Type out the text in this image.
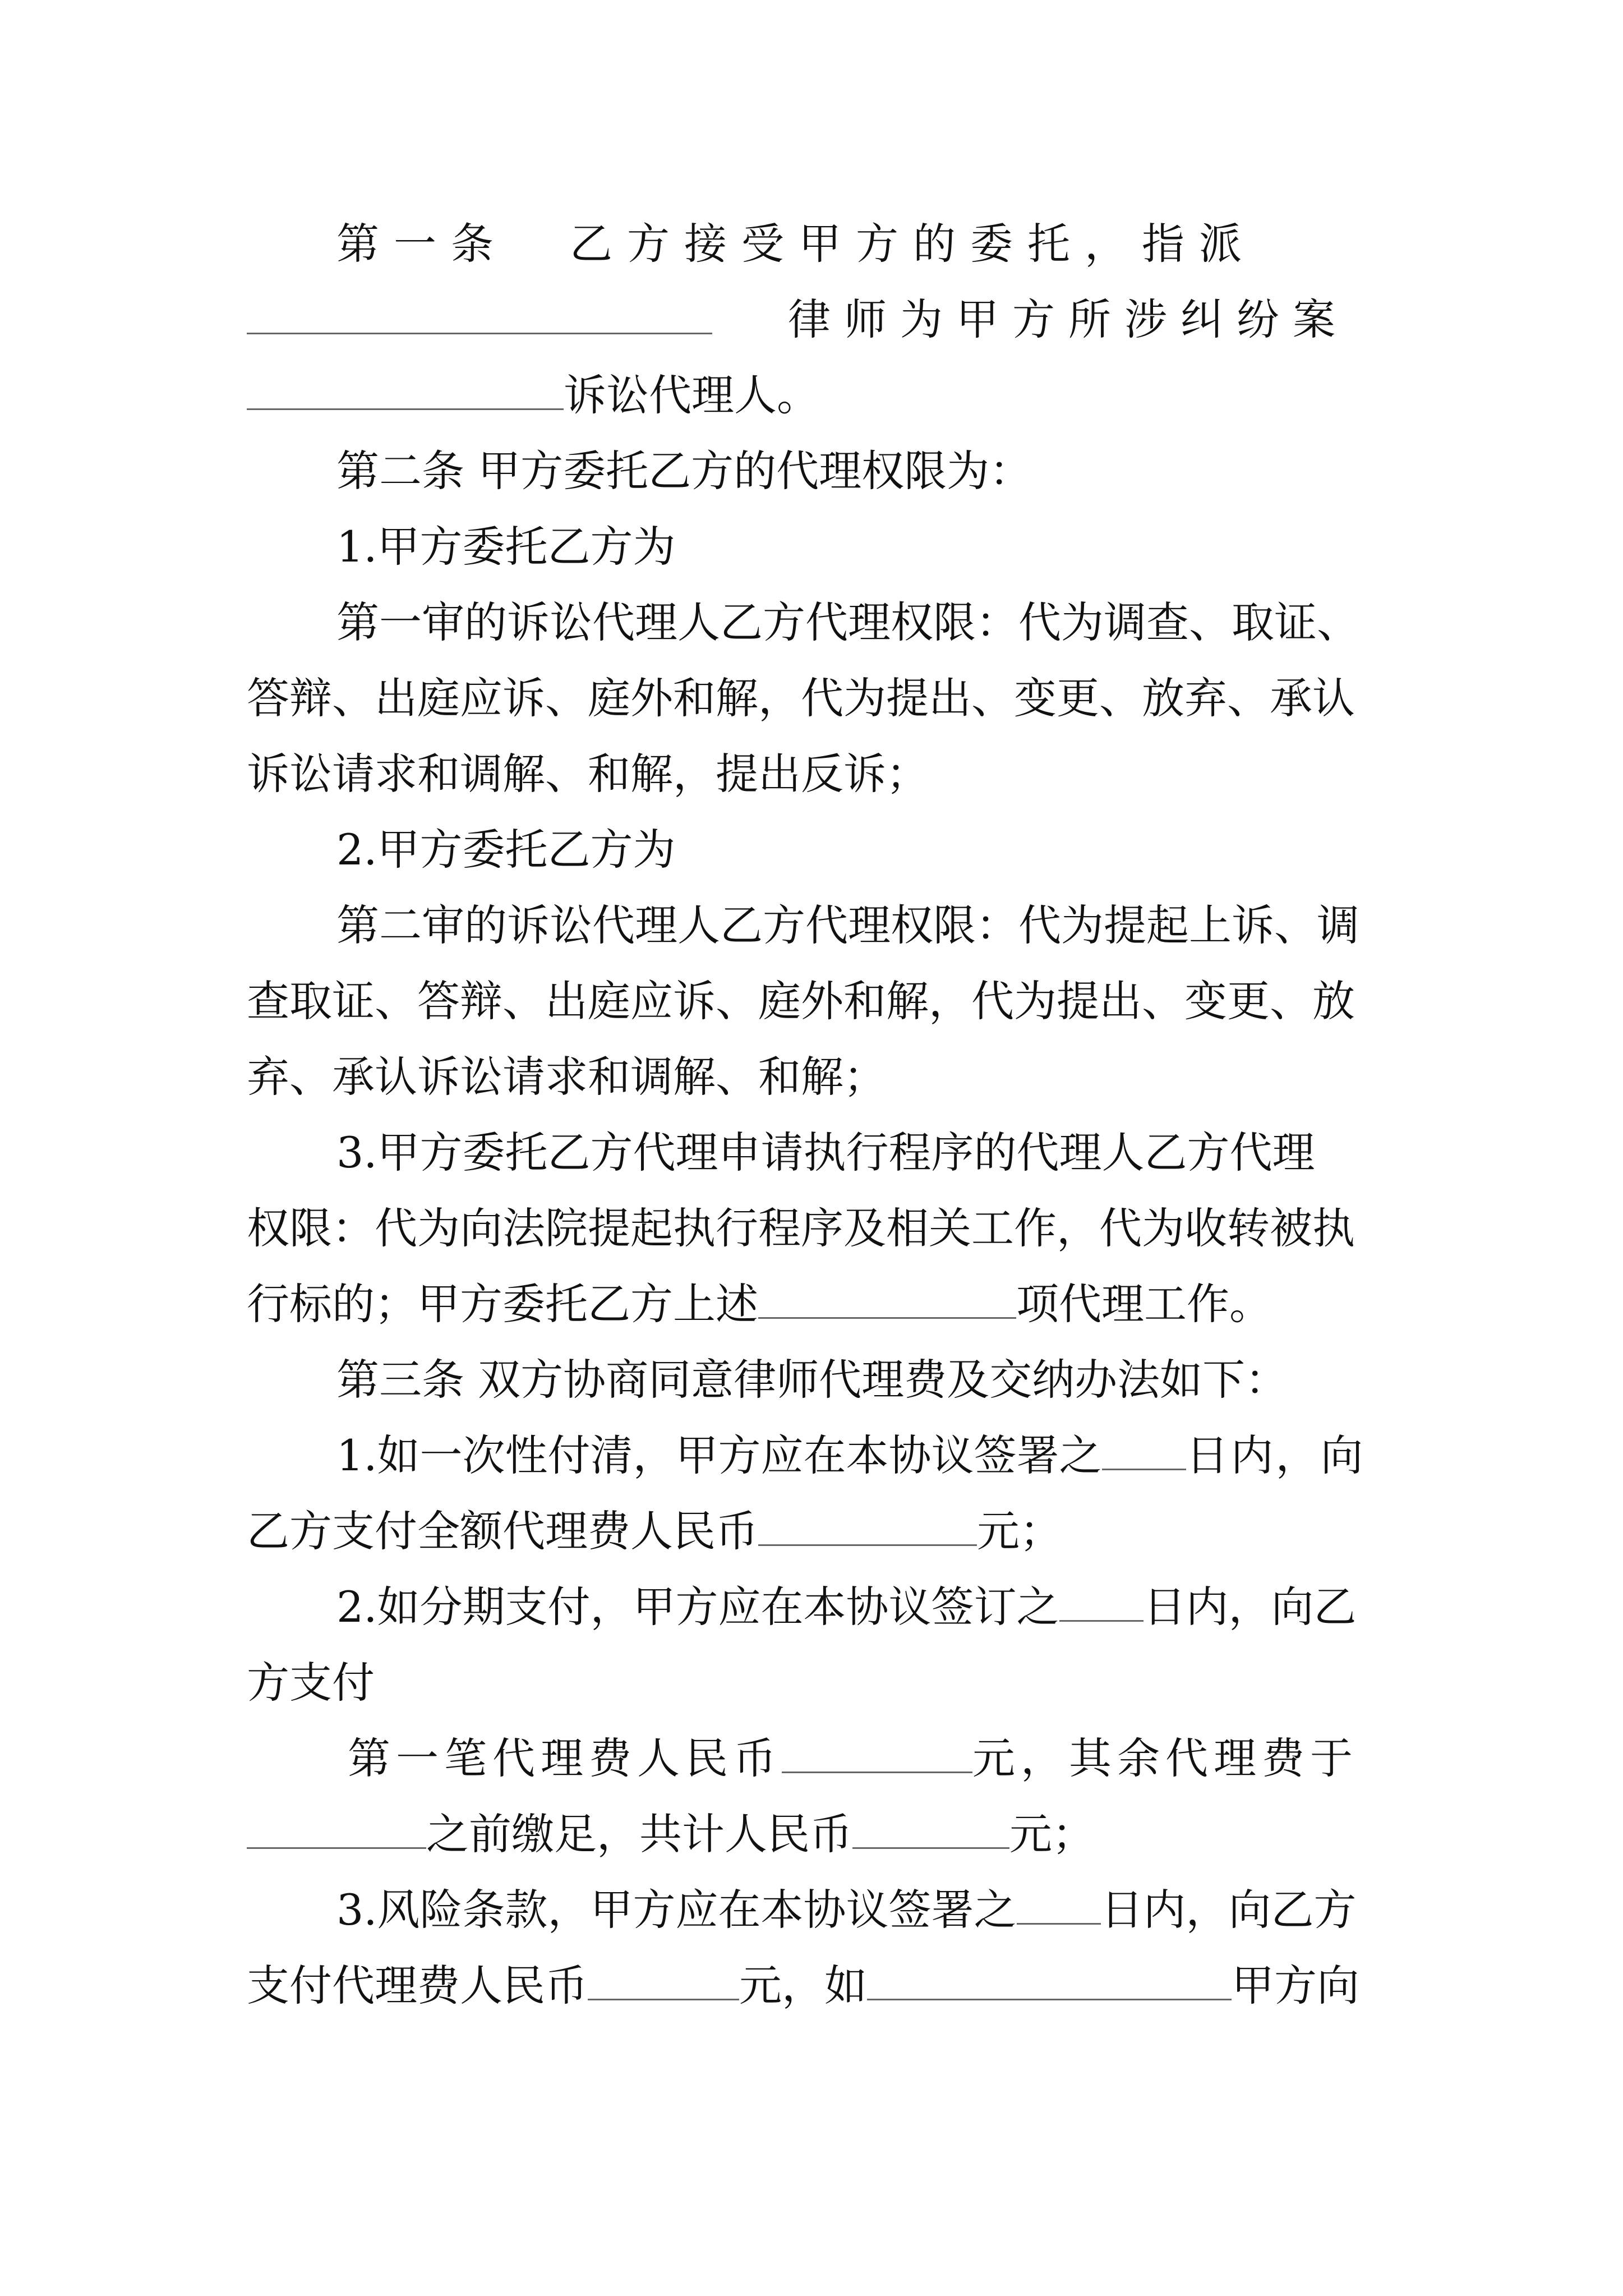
第一条 乙方接受甲方的委托，指派
律师为甲方所涉纠纷案
诉讼代理人。
第二条 甲方委托乙方的代理权限为：
1.甲方委托乙方为
第一审的诉讼代理人乙方代理权限：代为调查、取证、
答辩、出庭应诉、庭外和解，代为提出、变更、放弃、承认
诉讼请求和调解、和解，提出反诉；
2.甲方委托乙方为
第二审的诉讼代理人乙方代理权限：代为提起上诉、调
查取证、答辩、出庭应诉、庭外和解，代为提出、变更、放
弃、承认诉讼请求和调解、和解；
3.甲方委托乙方代理申请执行程序的代理人乙方代理
权限：代为向法院提起执行程序及相关工作，代为收转被执
行标的；甲方委托乙方上述	项代理工作。
第三条 双方协商同意律师代理费及交纳办法如下：
1.如一次性付清，甲方应在本协议签署之 日内，向
乙方支付全额代理费人民币	元；
2.如分期支付，甲方应在本协议签订之 日内，向乙
方支付
第一笔代理费人民币	元，其余代理费于
之前缴足，共计人民币	元；
3.风险条款，甲方应在本协议签署之 日内，向乙方
支付代理费人民币	元，如	甲方向
